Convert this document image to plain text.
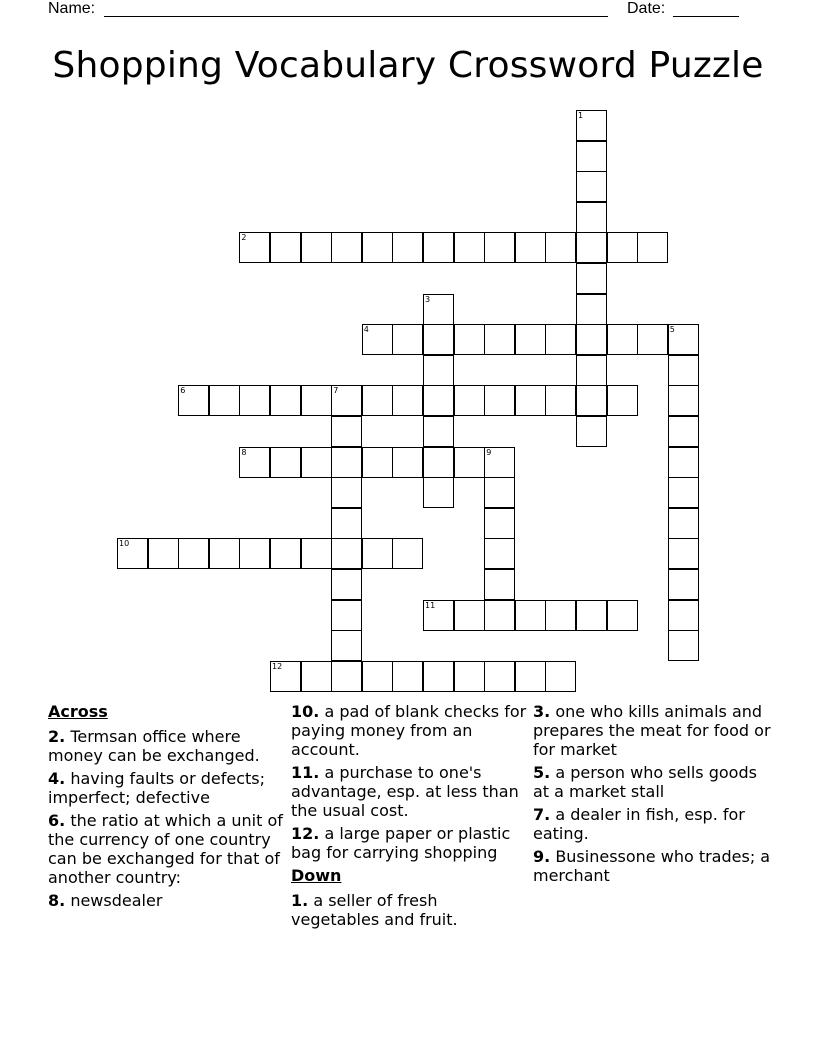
Name:	Date:
Shopping Vocabulary Crossword Puzzle
1
2
3
4	5
6	7
8	9
10
11
12
Across
2. Termsan office where money can be exchanged.
4. having faults or defects; imperfect; defective
6. the ratio at which a unit of the currency of one country can be exchanged for that of another country:
8. newsdealer
10. a pad of blank checks for paying money from an account.
11. a purchase to one's advantage, esp. at less than the usual cost.
12. a large paper or plastic bag for carrying shopping
Down
1. a seller of fresh vegetables and fruit.
3. one who kills animals and prepares the meat for food or for market
5. a person who sells goods at a market stall
7. a dealer in fish, esp. for eating.
9. Businessone who trades; a merchant
